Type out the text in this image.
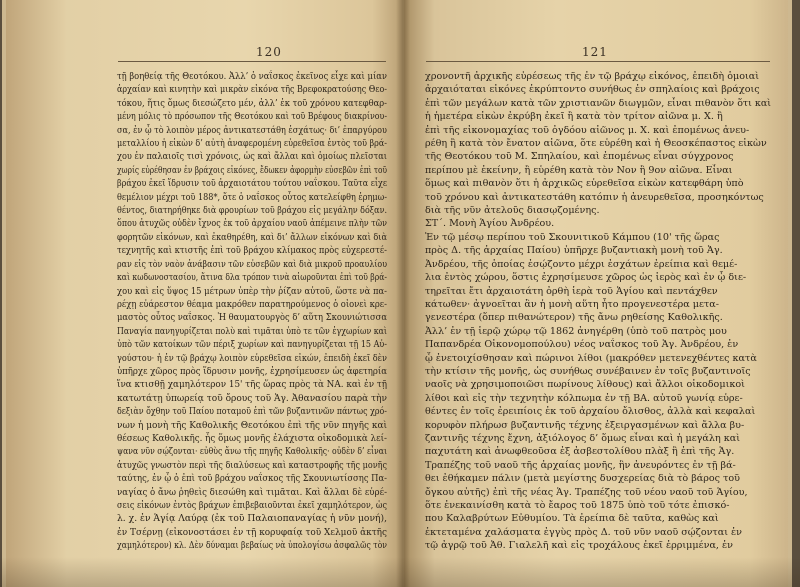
120
τῇ βοηθείᾳ τῆς Θεοτόκου. Ἀλλ’ ὁ ναΐσκος ἐκεῖνος εἶχε καὶ μίαν
ἀρχαίαν καὶ κινητὴν καὶ μικρὰν εἰκόνα τῆς Βρεφοκρατούσης Θεο-
τόκου, ἥτις ὅμως διεσώζετο μέν, ἀλλ’ ἐκ τοῦ χρόνου κατεφθαρ-
μένη μόλις τὸ πρόσωπον τῆς Θεοτόκου καὶ τοῦ Βρέφους διακρίνου-
σα, ἐν ᾧ τὸ λοιπὸν μέρος ἀντικατεστάθη ἐσχάτως· δι’ ἐπαργύρου
μεταλλίου ἡ εἰκὼν δ’ αὐτὴ ἀναφερομένη εὑρεθεῖσα ἐντὸς τοῦ βρά-
χου ἐν παλαιοῖς τισὶ χρόνοις, ὡς καὶ ἄλλαι καὶ ὁμοίως πλεῖσται
χωρίς εὑρέθησαν ἐν βράχοις εἰκόνες, ἔδωκεν ἀφορμὴν εὐσεβῶν ἐπὶ τοῦ
βράχου ἐκεῖ ἵδρυσιν τοῦ ἀρχαιοτάτου τούτου ναΐσκου. Ταῦτα εἶχε
θεμέλιον μέχρι τοῦ 188*, ὅτε ὁ ναΐσκος οὗτος κατελείφθη ἐρημω-
θέντος, διατηρήθηκε διὰ φρουρίων τοῦ βράχου εἰς μεγάλην δόξαν.
ὅπου ἀτυχῶς οὐδὲν ἴχνος ἐκ τοῦ ἀρχαίου ναοῦ ἀπέμεινε πλὴν τῶν
φορητῶν εἰκόνων, καὶ ἐκαθηρέθη, καὶ δι’ ἄλλων εἰκόνων καὶ διὰ
τεχνητῆς καὶ κτιστῆς ἐπὶ τοῦ βράχου κλίμακος πρὸς εὐχερεστέ-
ραν εἰς τὸν ναὸν ἀνάβασιν τῶν εὐσεβῶν καὶ διὰ μικροῦ προαυλίου
καὶ κωδωνοστασίου, ἅτινα δλα τρόπον τινὰ αἰωροῦνται ἐπὶ τοῦ βρά-
χου καὶ εἰς ὕψος 15 μέτρων ὑπὲρ τὴν ῥίζαν αὐτοῦ, ὥστε νὰ πα-
ρέχῃ εὐάρεστον θέαμα μακρόθεν παρατηρούμενος ὁ οἰονεὶ κρε-
μαστὸς οὗτος ναΐσκος. Ἡ θαυματουργὸς δ’ αὕτη Σκουνιώτισσα
Παναγία πανηγυρίζεται πολὺ καὶ τιμᾶται ὑπὸ τε τῶν ἐγχωρίων καὶ
ὑπὸ τῶν κατοίκων τῶν πέριξ χωρίων καὶ πανηγυρίζεται τῇ 15 Αὐ-
γούστου· ἡ ἐν τῷ βράχῳ λοιπὸν εὑρεθεῖσα εἰκών, ἐπειδὴ ἐκεῖ δὲν
ὑπῆρχε χῶρος πρὸς ἵδρυσιν μονῆς, ἐχρησίμευσεν ὡς ἀφετηρία
ἵνα κτισθῇ χαμηλότερον 15' τῆς ὥρας πρὸς τὰ ΝΑ. καὶ ἐν τῇ
κατωτάτῃ ὑπωρείᾳ τοῦ ὄρους τοῦ Ἁγ. Ἀθανασίου παρὰ τὴν
δεξιὰν ὄχθην τοῦ Παίου ποταμοῦ ἐπὶ τῶν βυζαντινῶν πάντως χρό-
νων ἡ μονὴ τῆς Καθολικῆς Θεοτόκου ἐπὶ τῆς νῦν πηγῆς καὶ
θέσεως Καθολικῆς. ἧς ὅμως μονῆς ἐλάχιστα οἰκοδομικὰ λεί-
ψανα νῦν σῴζονται· εὐθὺς ἄνω τῆς πηγῆς Καθολικῆς· οὐδὲν δ’ εἶναι
ἀτυχῶς γνωστὸν περὶ τῆς διαλύσεως καὶ καταστροφῆς τῆς μονῆς
ταύτης, ἐν ᾧ ὁ ἐπὶ τοῦ βράχου ναΐσκος τῆς Σκουνιωτίσσης Πα-
ναγίας ὁ ἄνω ῥηθεὶς διεσώθη καὶ τιμᾶται. Καὶ ἄλλαι δὲ εὑρέ-
σεις εἰκόνων ἐντὸς βράχων ἐπιβεβαιοῦνται ἐκεῖ χαμηλότερον, ὡς
λ. χ. ἐν Ἁγίᾳ Λαύρᾳ (ἐκ τοῦ Παλαιοπαναγίας ἡ νῦν μονή),
ἐν Τσέρνῃ (εἰκονοστάσει ἐν τῇ κορυφαίᾳ τοῦ Χελμοῦ ἀκτῆς
χαμηλότερον) κλ. Δὲν δύναμαι βεβαίως νὰ ὑπολογίσω ἀσφαλῶς τὸν
121
χρονοντῆ ἀρχικῆς εὑρέσεως τῆς ἐν τῷ βράχῳ εἰκόνος, ἐπειδὴ ὁμοιαὶ
ἀρχαιόταται εἰκόνες ἐκρύπτοντο συνήθως ἐν σπηλαίοις καὶ βράχοις
ἐπὶ τῶν μεγάλων κατὰ τῶν χριστιανῶν διωγμῶν, εἶναι πιθανὸν ὅτι καὶ
ἡ ἡμετέρα εἰκὼν ἐκρύβη ἐκεῖ ἢ κατὰ τὸν τρίτον αἰῶνα μ. Χ. ἢ
ἐπὶ τῆς εἰκονομαχίας τοῦ ὀγδόου αἰῶνος μ. Χ. καὶ ἐπομένως ἀνευ-
ρέθη ἢ κατὰ τὸν ἔνατον αἰῶνα, ὅτε εὑρέθη καὶ ἡ Θεοσκέπαστος εἰκὼν
τῆς Θεοτόκου τοῦ Μ. Σπηλαίου, καὶ ἐπομένως εἶναι σύγχρονος
περίπου μὲ ἐκείνην, ἢ εὑρέθη κατὰ τὸν Νον ἢ 9ον αἰῶνα. Εἶναι
ὅμως καὶ πιθανὸν ὅτι ἡ ἀρχικῶς εὑρεθεῖσα εἰκὼν κατεφθάρη ὑπὸ
τοῦ χρόνου καὶ ἀντικατεστάθη κατόπιν ἡ ἀνευρεθεῖσα, προσηκόντως
διὰ τῆς νῦν ἀτελοῦς διασῳζομένης.
ΣΤ΄. Μονὴ Ἁγίου Ἀνδρέου.
Ἐν τῷ μέσῳ περίπου τοῦ Σκουνιτικοῦ Κάμπου (10' τῆς ὥρας
πρὸς Δ. τῆς ἀρχαίας Παίου) ὑπῆρχε βυζαντιακὴ μονὴ τοῦ Ἁγ.
Ἀνδρέου, τῆς ὁποίας ἐσῴζοντο μέχρι ἐσχάτων ἐρείπια καὶ θεμέ-
λια ἐντὸς χώρου, ὅστις ἐχρησίμευσε χῶρος ὡς ἱερὸς καὶ ἐν ᾧ διε-
τηρεῖται ἔτι ἀρχαιοτάτη ὀρθὴ ἱερὰ τοῦ Ἁγίου καὶ πεντάχθεν
κάτωθεν· ἀγνοεῖται ἂν ἡ μονὴ αὕτη ἦτο προγενεστέρα μετα-
γενεστέρα (ὅπερ πιθανώτερον) τῆς ἄνω ρηθείσης Καθολικῆς.
Ἀλλ’ ἐν τῇ ἱερῷ χώρῳ τῷ 1862 ἀνηγέρθη (ὑπὸ τοῦ πατρὸς μου
Παπανδρέα Οἰκονομοπούλου) νέος ναΐσκος τοῦ Ἁγ. Ἀνδρέου, ἐν
ᾧ ἐνετοιχίσθησαν καὶ πώρινοι λίθοι (μακρόθεν μετενεχθέντες κατὰ
τὴν κτίσιν τῆς μονῆς, ὡς συνήθως συνέβαινεν ἐν τοῖς βυζαντινοῖς
ναοῖς νὰ χρησιμοποιῶσι πωρίνους λίθους) καὶ ἄλλοι οἰκοδομικοὶ
λίθοι καὶ εἰς τὴν τεχνητὴν κόλπωμα ἐν τῇ ΒΑ. αὐτοῦ γωνίᾳ εὑρε-
θέντες ἐν τοῖς ἐρειπίοις ἐκ τοῦ ἀρχαίου ὄλισθος, ἀλλὰ καὶ κεφαλαὶ
κορυφὸν πλήρωσ βυζαντινῆς τέχνης ἐξειργασμένων καὶ ἄλλα βυ-
ζαντινῆς τέχνης ἔχνη, ἀξιόλογος δ’ ὅμως εἶναι καὶ ἡ μεγάλη καὶ
παχυτάτη καὶ ἀνωφθεοῦσα ἐξ ἀσβεστολίθου πλὰξ ἢ ἐπὶ τῆς Ἁγ.
Τραπέζης τοῦ ναοῦ τῆς ἀρχαίας μονῆς, ἣν ἀνευρόντες ἐν τῇ βά-
θει ἐθήκαμεν πάλιν (μετὰ μεγίστης δυσχερείας διὰ τὸ βάρος τοῦ
ὄγκου αὐτῆς) ἐπὶ τῆς νέας Ἁγ. Τραπέζης τοῦ νέου ναοῦ τοῦ Ἁγίου,
ὅτε ἐνεκαινίσθη κατὰ τὸ ἔαρος τοῦ 1875 ὑπὸ τοῦ τότε ἐπισκό-
που Καλαβρύτων Εὐθυμίου. Τὰ ἐρείπια δὲ ταῦτα, καθὼς καὶ
ἐκτεταμένα χαλάσματα ἐγγὺς πρὸς Δ. τοῦ νῦν ναοῦ σῴζονται ἐν
τῷ ἀγρῷ τοῦ Ἀθ. Γιαλελῆ καὶ εἰς τροχάλους ἐκεῖ ἐρριμμένα, ἐν
